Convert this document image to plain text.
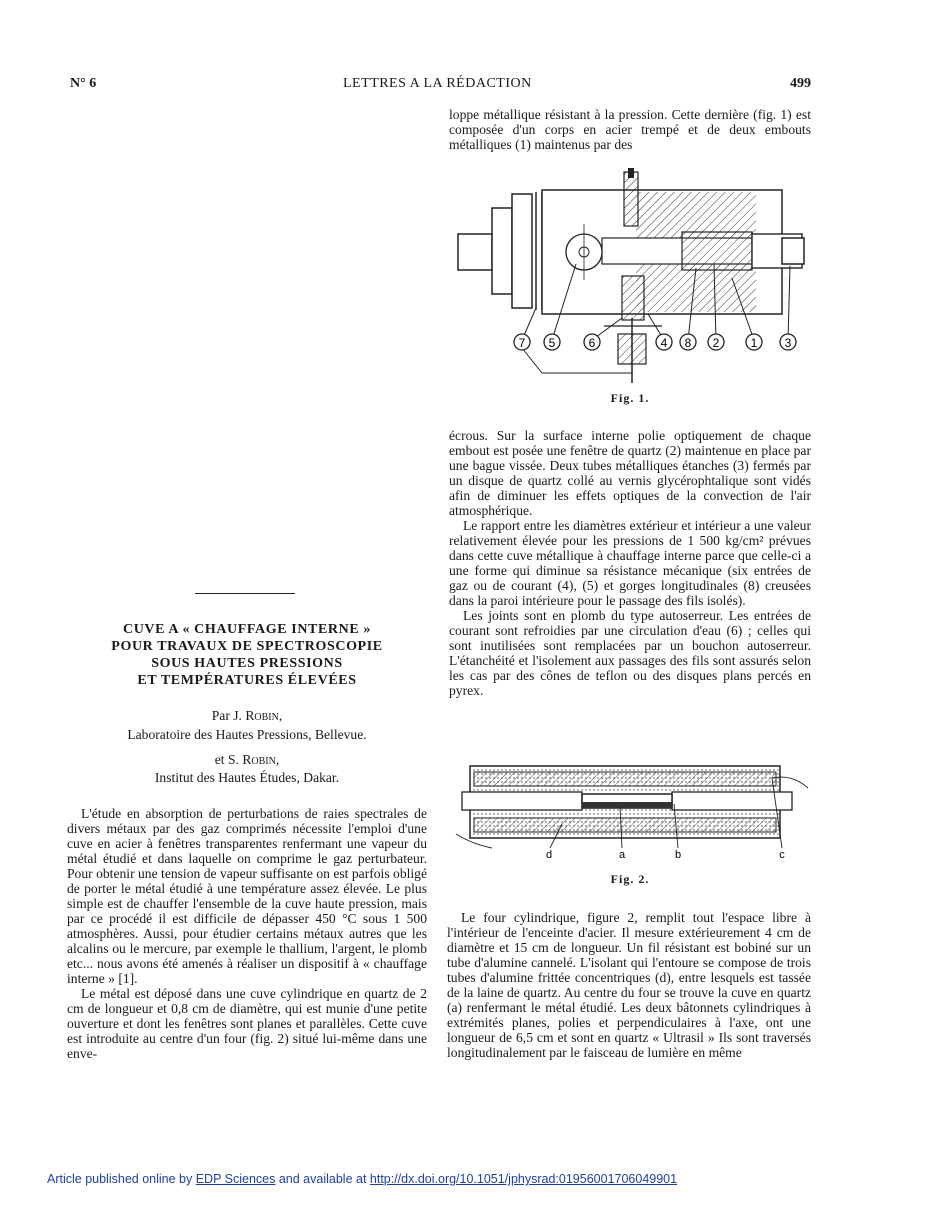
N° 6	LETTRES A LA RÉDACTION	499

loppe métallique résistant à la pression. Cette dernière (fig. 1) est composée d'un corps en acier trempé et de deux embouts métalliques (1) maintenus par des

7 5	6	4 8 2	1 3
Fig. 1.

écrous. Sur la surface interne polie optiquement de chaque embout est posée une fenêtre de quartz (2) maintenue en place par une bague vissée. Deux tubes métalliques étanches (3) fermés par un disque de quartz collé au vernis glycérophtalique sont vidés afin de diminuer les effets optiques de la convection de l'air atmosphérique.

Le rapport entre les diamètres extérieur et intérieur a une valeur relativement élevée pour les pressions de 1 500 kg/cm² prévues dans cette cuve métallique à chauffage interne parce que celle-ci a une forme qui diminue sa résistance mécanique (six entrées de gaz ou de courant (4), (5) et gorges longitudinales (8) creusées dans la paroi intérieure pour le passage des fils isolés).

Les joints sont en plomb du type autoserreur. Les entrées de courant sont refroidies par une circulation d'eau (6) ; celles qui sont inutilisées sont remplacées par un bouchon autoserreur. L'étanchéité et l'isolement aux passages des fils sont assurés selon les cas par des cônes de teflon ou des disques plans percés en pyrex.

d	a	b	c
Fig. 2.

Le four cylindrique, figure 2, remplit tout l'espace libre à l'intérieur de l'enceinte d'acier. Il mesure extérieurement 4 cm de diamètre et 15 cm de longueur. Un fil résistant est bobiné sur un tube d'alumine cannelé. L'isolant qui l'entoure se compose de trois tubes d'alumine frittée concentriques (d), entre lesquels est tassée de la laine de quartz. Au centre du four se trouve la cuve en quartz (a) renfermant le métal étudié. Les deux bâtonnets cylindriques à extrémités planes, polies et perpendiculaires à l'axe, ont une longueur de 6,5 cm et sont en quartz « Ultrasil » Ils sont traversés longitudinalement par le faisceau de lumière en même

CUVE A « CHAUFFAGE INTERNE »
POUR TRAVAUX DE SPECTROSCOPIE
SOUS HAUTES PRESSIONS
ET TEMPÉRATURES ÉLEVÉES
Par J. Robin,
Laboratoire des Hautes Pressions, Bellevue.
et S. Robin,
Institut des Hautes Études, Dakar.

L'étude en absorption de perturbations de raies spectrales de divers métaux par des gaz comprimés nécessite l'emploi d'une cuve en acier à fenêtres transparentes renfermant une vapeur du métal étudié et dans laquelle on comprime le gaz perturbateur. Pour obtenir une tension de vapeur suffisante on est parfois obligé de porter le métal étudié à une température assez élevée. Le plus simple est de chauffer l'ensemble de la cuve haute pression, mais par ce procédé il est difficile de dépasser 450 °C sous 1 500 atmosphères. Aussi, pour étudier certains métaux autres que les alcalins ou le mercure, par exemple le thallium, l'argent, le plomb etc... nous avons été amenés à réaliser un dispositif à « chauffage interne » [1].

Le métal est déposé dans une cuve cylindrique en quartz de 2 cm de longueur et 0,8 cm de diamètre, qui est munie d'une petite ouverture et dont les fenêtres sont planes et parallèles. Cette cuve est introduite au centre d'un four (fig. 2) situé lui-même dans une enve-

Article published online by EDP Sciences and available at http://dx.doi.org/10.1051/jphysrad:01956001706049901
